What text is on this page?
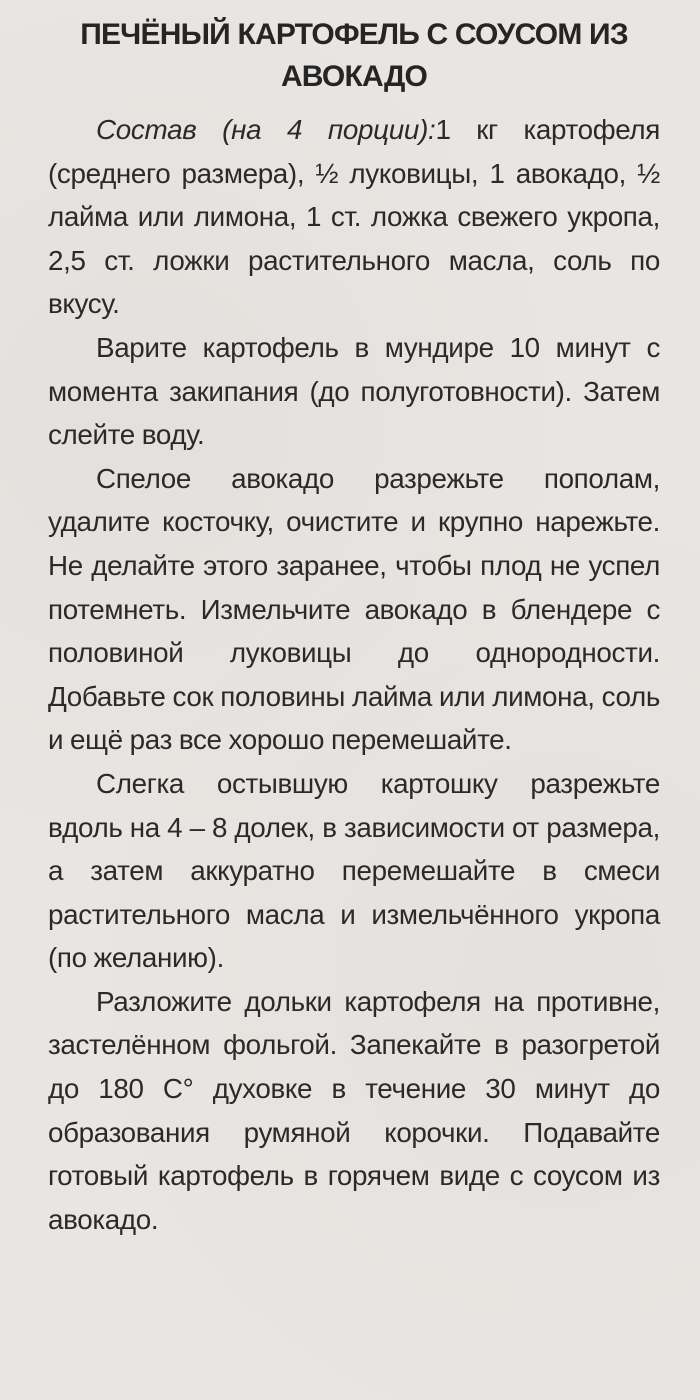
ПЕЧЁНЫЙ КАРТОФЕЛЬ С СОУСОМ ИЗ
АВОКАДО

Состав (на 4 порции):1 кг картофеля (среднего размера), ½ луковицы, 1 авокадо, ½ лайма или лимона, 1 ст. ложка свежего укропа, 2,5 ст. ложки растительного масла, соль по вкусу.

Варите картофель в мундире 10 минут с момента закипания (до полуготовности). Затем слейте воду.

Спелое авокадо разрежьте пополам, удалите косточку, очистите и крупно нарежьте. Не делайте этого заранее, чтобы плод не успел потемнеть. Измельчите авокадо в блендере с половиной луковицы до однородности. Добавьте сок половины лайма или лимона, соль и ещё раз все хорошо перемешайте.

Слегка остывшую картошку разрежьте вдоль на 4 – 8 долек, в зависимости от размера, а затем аккуратно перемешайте в смеси растительного масла и измельчённого укропа (по желанию).

Разложите дольки картофеля на противне, застелённом фольгой. Запекайте в разогретой до 180 С° духовке в течение 30 минут до образования румяной корочки. Подавайте готовый картофель в горячем виде с соусом из авокадо.
